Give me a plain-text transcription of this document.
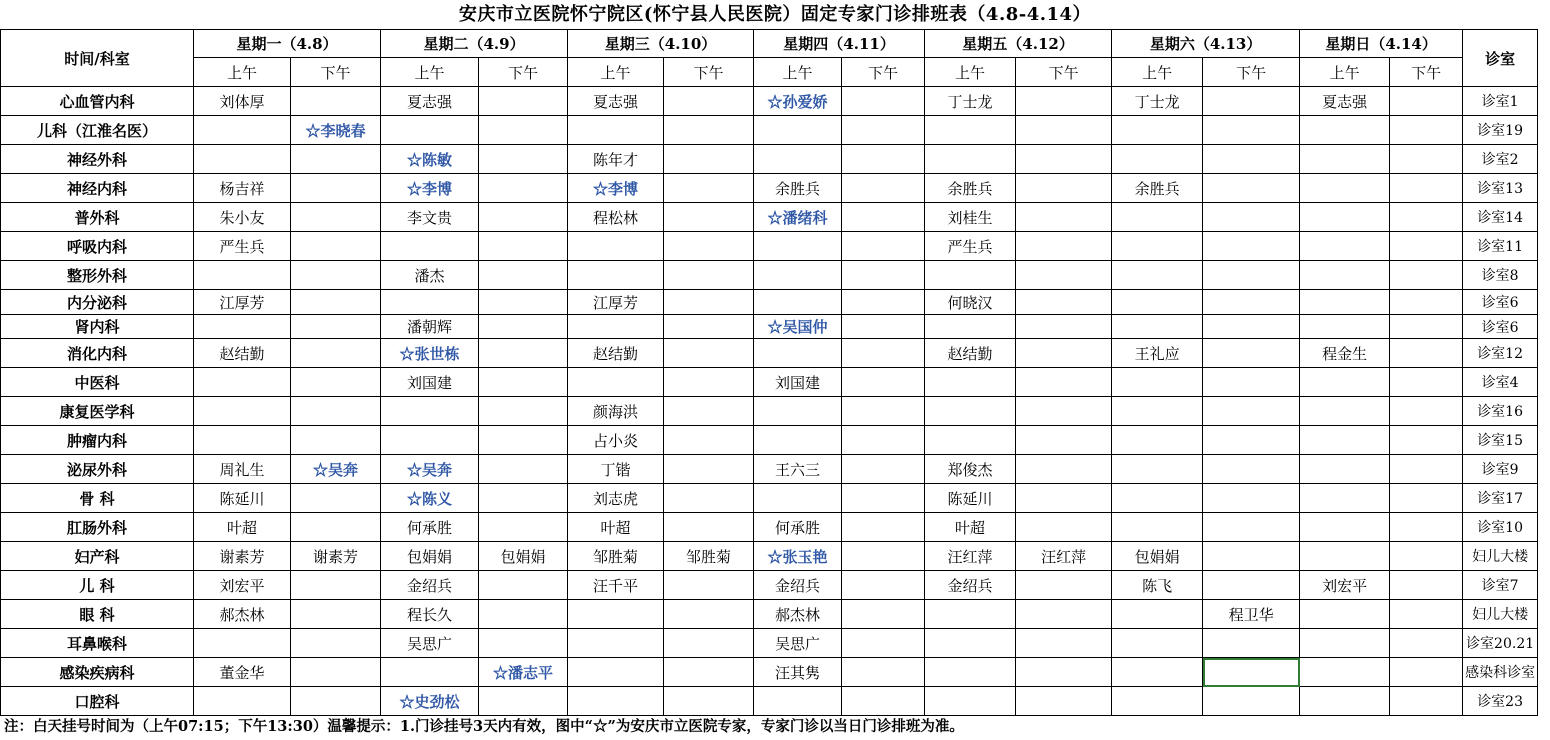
安庆市立医院怀宁院区(怀宁县人民医院）固定专家门诊排班表（4.8-4.14）
时间/科室	星期一（4.8）		星期二（4.9）		星期三（4.10）		星期四（4.11）		星期五（4.12）		星期六（4.13）		星期日（4.14）		诊室
	上午	下午	上午	下午	上午	下午	上午	下午	上午	下午	上午	下午	上午	下午	
心血管内科	刘体厚		夏志强		夏志强		☆孙爱娇		丁士龙		丁士龙		夏志强		诊室1
儿科（江淮名医）		☆李晓春													诊室19
神经外科			☆陈敏		陈年才										诊室2
神经内科	杨吉祥		☆李博		☆李博		余胜兵		余胜兵		余胜兵				诊室13
普外科	朱小友		李文贵		程松林		☆潘绪科		刘桂生						诊室14
呼吸内科	严生兵								严生兵						诊室11
整形外科			潘杰												诊室8
内分泌科	江厚芳				江厚芳				何晓汉						诊室6
肾内科			潘朝辉				☆吴国仲								诊室6
消化内科	赵结勤		☆张世栋		赵结勤				赵结勤		王礼应		程金生		诊室12
中医科			刘国建				刘国建								诊室4
康复医学科					颜海洪										诊室16
肿瘤内科					占小炎										诊室15
泌尿外科	周礼生	☆吴奔	☆吴奔		丁锴		王六三		郑俊杰						诊室9
骨 科	陈延川		☆陈义		刘志虎				陈延川						诊室17
肛肠外科	叶超		何承胜		叶超		何承胜		叶超						诊室10
妇产科	谢素芳	谢素芳	包娟娟	包娟娟	邹胜菊	邹胜菊	☆张玉艳		汪红萍	汪红萍	包娟娟				妇儿大楼
儿 科	刘宏平		金绍兵		汪千平		金绍兵		金绍兵		陈飞		刘宏平		诊室7
眼 科	郝杰林		程长久				郝杰林					程卫华			妇儿大楼
耳鼻喉科			吴思广				吴思广								诊室20.21
感染疾病科	董金华			☆潘志平			汪其隽								感染科诊室
口腔科			☆史劲松												诊室23
注：白天挂号时间为（上午07:15；下午13:30）温馨提示：1.门诊挂号3天内有效，图中“☆”为安庆市立医院专家，专家门诊以当日门诊排班为准。
